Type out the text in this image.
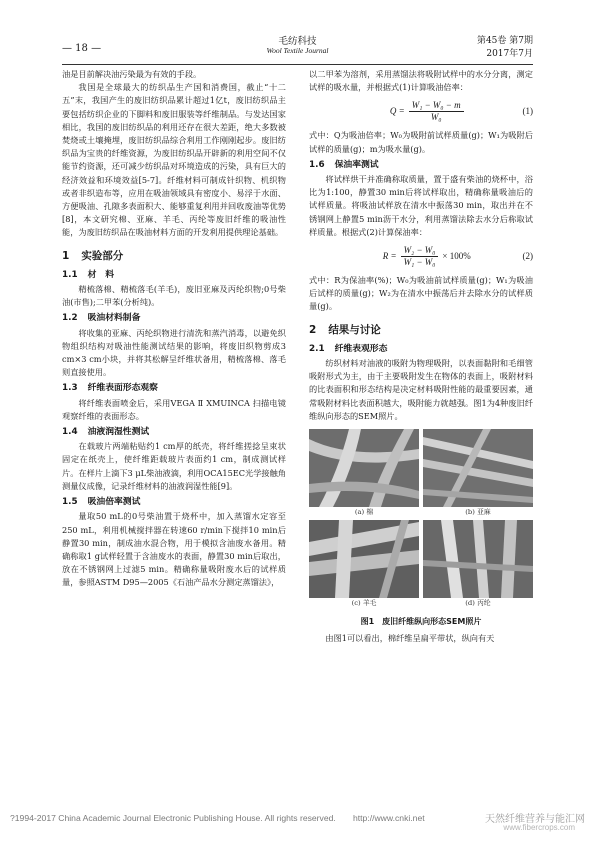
— 18 —
毛纺科技
Wool Textile Journal
第45卷 第7期
2017年7月
油是目前解决油污染最为有效的手段。
我国是全球最大的纺织品生产国和消费国，截止“十二五”末，我国产生的废旧纺织品累计超过1亿t，废旧纺织品主要包括纺织企业的下脚料和废旧服装等纤维制品。与发达国家相比，我国的废旧纺织品的利用还存在很大差距，绝大多数被焚烧或土壤掩埋，废旧纺织品综合利用工作刚刚起步。废旧纺织品为宝贵的纤维资源，为废旧纺织品开辟新的利用空间不仅能节约资源，还可减少纺织品对环境造成的污染，具有巨大的经济效益和环境效益[5-7]。纤维材料可制成针织物、机织物或者非织造布等，应用在吸油领域具有密度小、易浮于水面、方便吸油、孔隙多表面积大、能够重复利用并回收废油等优势[8]，本文研究棉、亚麻、羊毛、丙纶等废旧纤维的吸油性能，为废旧纺织品在吸油材料方面的开发利用提供理论基础。
1 实验部分
1.1 材　料
精梳落棉、精梳落毛(羊毛)，废旧亚麻及丙纶织物;0号柴油(市售);二甲苯(分析纯)。
1.2 吸油材料制备
将收集的亚麻、丙纶织物进行清洗和蒸汽消毒，以避免织物组织结构对吸油性能测试结果的影响，将废旧织物剪成3 cm×3 cm小块，并将其松解呈纤维状备用，精梳落棉、落毛则直接使用。
1.3 纤维表面形态观察
将纤维表面喷金后，采用VEGA Ⅱ XMUINCA 扫描电镜观察纤维的表面形态。
1.4 油液润湿性测试
在载玻片两端粘贴约1 cm厚的纸壳，将纤维搓捻呈束状固定在纸壳上，使纤维距载玻片表面约1 cm，制成测试样片。在样片上滴下3 μL柴油液滴，利用OCA15EC光学接触角测量仪成像，记录纤维材料的油液润湿性能[9]。
1.5 吸油倍率测试
量取50 mL的0号柴油置于烧杯中，加入蒸馏水定容至250 mL，利用机械搅拌器在转速60 r/min下搅拌10 min后静置30 min，制成油水混合物，用于模拟含油废水备用。精确称取1 g试样轻置于含油废水的表面，静置30 min后取出，放在不锈钢网上过滤5 min。精确称量吸附废水后的试样质量，参照ASTM D95—2005《石油产品水分测定蒸馏法》，
以二甲苯为溶剂，采用蒸馏法将吸附试样中的水分分离，测定试样的吸水量，并根据式(1)计算吸油倍率：
$Q = \frac{\text{W₁ − W₀ − m}}{\text{W₀}}$	(1)
式中：Q为吸油倍率；W₀为吸附前试样质量(g)；W₁为吸附后试样的质量(g)；m为吸水量(g)。
1.6 保油率测试
将试样烘干并准确称取质量，置于盛有柴油的烧杯中，浴比为1:100，静置30 min后将试样取出，精确称量吸油后的试样质量。将吸油试样放在清水中振荡30 min，取出并在不锈钢网上静置5 min沥干水分，利用蒸馏法除去水分后称取试样质量。根据式(2)计算保油率：
$R = \frac{\text{W₂ − W₀}}{\text{W₁ − W₀}} \times 100\%$	(2)
式中：R为保油率(%)；W₀为吸油前试样质量(g)；W₁为吸油后试样的质量(g)；W₂为在清水中振荡后并去除水分的试样质量(g)。
2 结果与讨论
2.1 纤维表观形态
纺织材料对油液的吸附为物理吸附，以表面黏附和毛细管吸附形式为主，由于主要吸附发生在物体的表面上，吸附材料的比表面积和形态结构是决定材料吸附性能的最重要因素，通常吸附材料比表面积越大，吸附能力就越强。图1为4种废旧纤维纵向形态的SEM照片。
(a) 棉	(b) 亚麻
(c) 羊毛	(d) 丙纶
图1　废旧纤维纵向形态SEM照片
由图1可以看出，棉纤维呈扁平带状，纵向有天
?1994-2017 China Academic Journal Electronic Publishing House. All rights reserved.　　http://www.cnki.net	天然纤维营养与能汇网
www.fibercrops.com
